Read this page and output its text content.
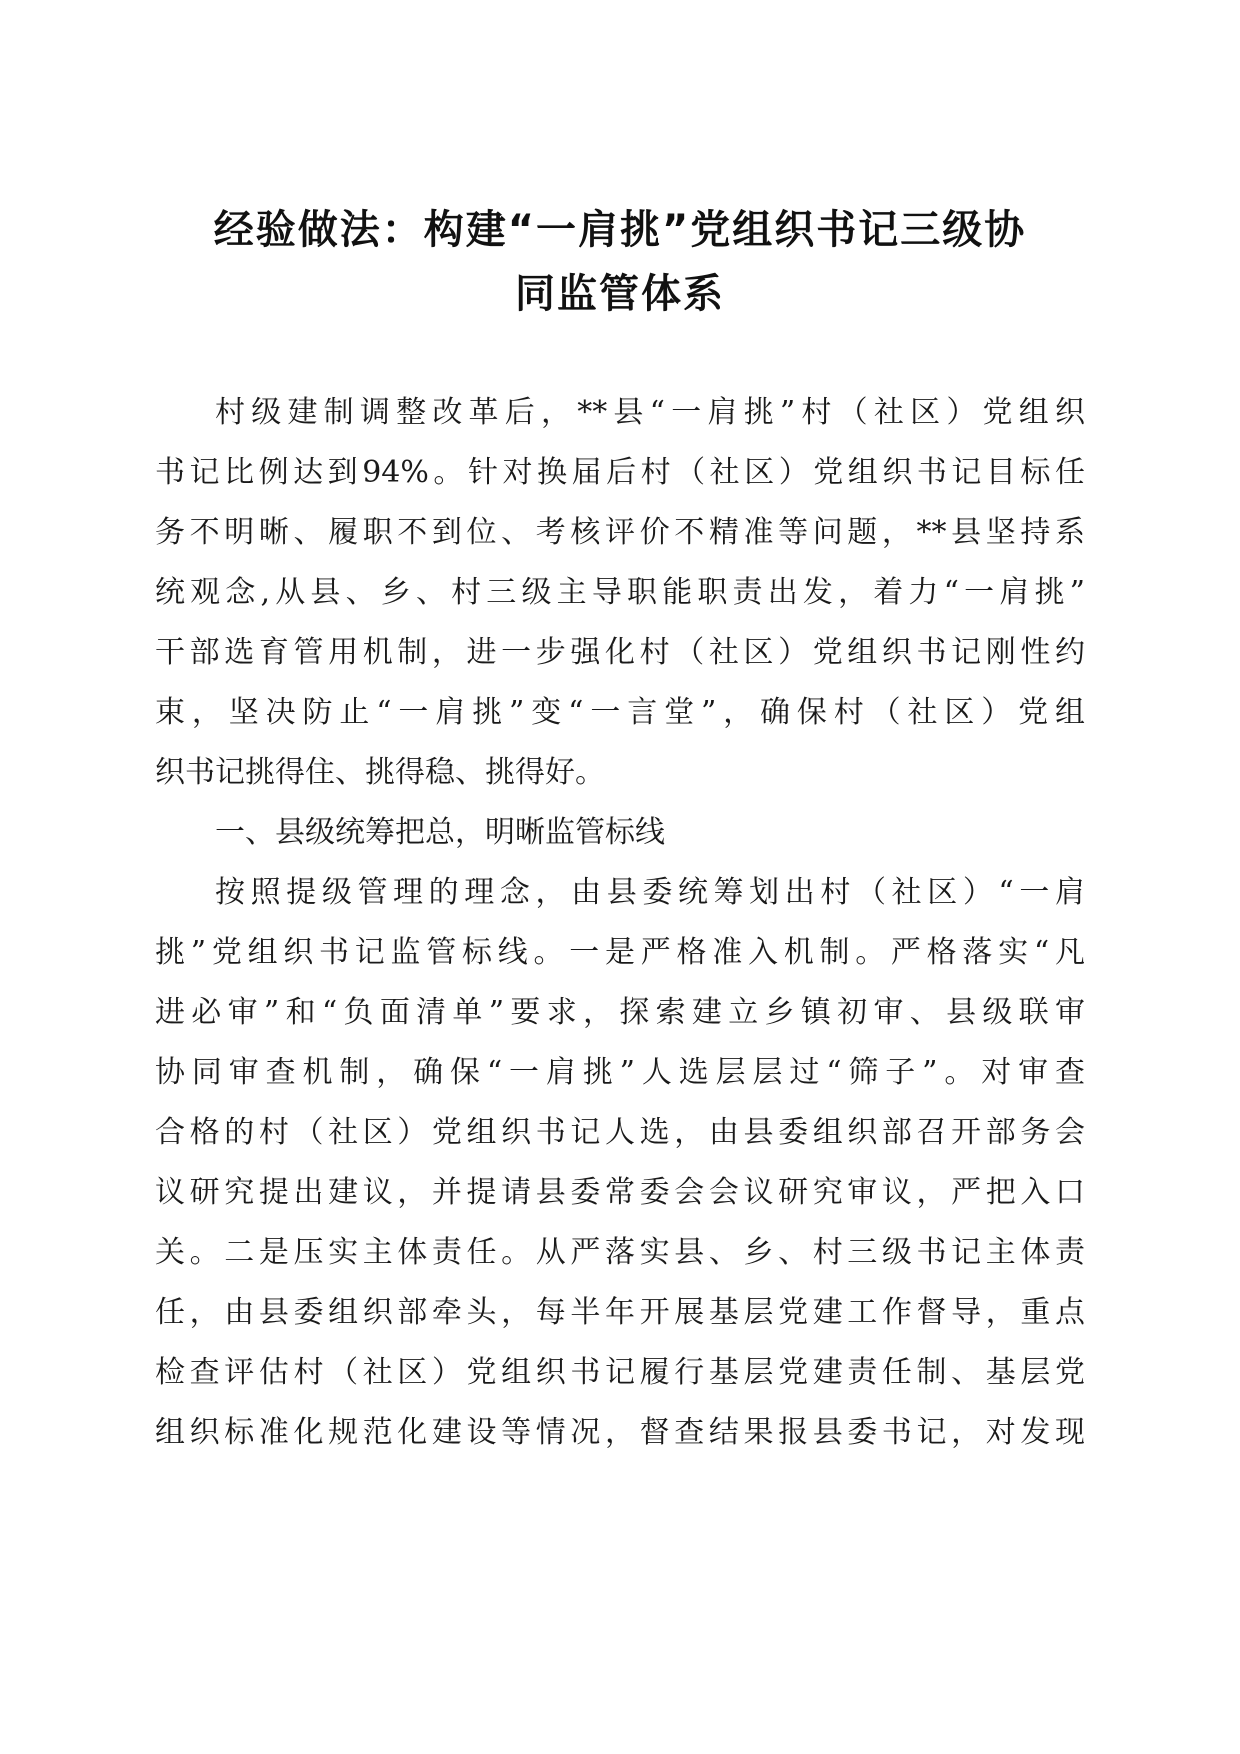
经验做法：构建“一肩挑”党组织书记三级协
同监管体系
村级建制调整改革后，**县“一肩挑”村（社区）党组织
书记比例达到94%。针对换届后村（社区）党组织书记目标任
务不明晰、履职不到位、考核评价不精准等问题，**县坚持系
统观念,从县、乡、村三级主导职能职责出发，着力“一肩挑”
干部选育管用机制，进一步强化村（社区）党组织书记刚性约
束，坚决防止“一肩挑”变“一言堂”，确保村（社区）党组
织书记挑得住、挑得稳、挑得好。
一、县级统筹把总，明晰监管标线
按照提级管理的理念，由县委统筹划出村（社区）“一肩
挑”党组织书记监管标线。一是严格准入机制。严格落实“凡
进必审”和“负面清单”要求，探索建立乡镇初审、县级联审
协同审查机制，确保“一肩挑”人选层层过“筛子”。对审查
合格的村（社区）党组织书记人选，由县委组织部召开部务会
议研究提出建议，并提请县委常委会会议研究审议，严把入口
关。二是压实主体责任。从严落实县、乡、村三级书记主体责
任，由县委组织部牵头，每半年开展基层党建工作督导，重点
检查评估村（社区）党组织书记履行基层党建责任制、基层党
组织标准化规范化建设等情况，督查结果报县委书记，对发现
